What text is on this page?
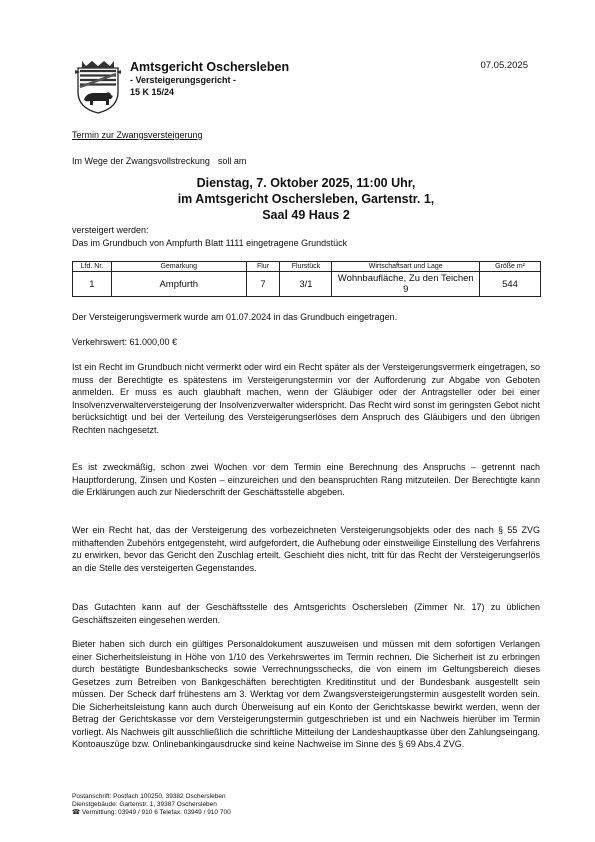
Amtsgericht Oschersleben
- Versteigerungsgericht -
15 K 15/24
07.05.2025
Termin zur Zwangsversteigerung
Im Wege der Zwangsvollstreckung soll am
Dienstag, 7. Oktober 2025, 11:00 Uhr,
im Amtsgericht Oschersleben, Gartenstr. 1,
Saal 49 Haus 2
versteigert werden:
Das im Grundbuch von Ampfurth Blatt 1111 eingetragene Grundstück
Lfd. Nr.	Gemarkung	Flur	Flurstück	Wirtschaftsart und Lage	Größe m²
1	Ampfurth	7	3/1	Wohnbaufläche, Zu den Teichen 9	544
Der Versteigerungsvermerk wurde am 01.07.2024 in das Grundbuch eingetragen.
Verkehrswert: 61.000,00 €
Ist ein Recht im Grundbuch nicht vermerkt oder wird ein Recht später als der Versteigerungsvermerk eingetragen, so muss der Berechtigte es spätestens im Versteigerungstermin vor der Aufforderung zur Abgabe von Geboten anmelden. Er muss es auch glaubhaft machen, wenn der Gläubiger oder der Antragsteller oder bei einer Insolvenzverwalterversteigerung der Insolvenzverwalter widerspricht. Das Recht wird sonst im geringsten Gebot nicht berücksichtigt und bei der Verteilung des Versteigerungserlöses dem Anspruch des Gläubigers und den übrigen Rechten nachgesetzt.
Es ist zweckmäßig, schon zwei Wochen vor dem Termin eine Berechnung des Anspruchs – getrennt nach Hauptforderung, Zinsen und Kosten – einzureichen und den beanspruchten Rang mitzuteilen. Der Berechtigte kann die Erklärungen auch zur Niederschrift der Geschäftsstelle abgeben.
Wer ein Recht hat, das der Versteigerung des vorbezeichneten Versteigerungsobjekts oder des nach § 55 ZVG mithaftenden Zubehörs entgegensteht, wird aufgefordert, die Aufhebung oder einstweilige Einstellung des Verfahrens zu erwirken, bevor das Gericht den Zuschlag erteilt. Geschieht dies nicht, tritt für das Recht der Versteigerungserlös an die Stelle des versteigerten Gegenstandes.
Das Gutachten kann auf der Geschäftsstelle des Amtsgerichts Oschersleben (Zimmer Nr. 17) zu üblichen Geschäftszeiten eingesehen werden.
Bieter haben sich durch ein gültiges Personaldokument auszuweisen und müssen mit dem sofortigen Verlangen einer Sicherheitsleistung in Höhe von 1/10 des Verkehrswertes im Termin rechnen. Die Sicherheit ist zu erbringen durch bestätigte Bundesbankschecks sowie Verrechnungsschecks, die von einem im Geltungsbereich dieses Gesetzes zum Betreiben von Bankgeschäften berechtigten Kreditinstitut und der Bundesbank ausgestellt sein müssen. Der Scheck darf frühestens am 3. Werktag vor dem Zwangsversteigerungstermin ausgestellt worden sein. Die Sicherheitsleistung kann auch durch Überweisung auf ein Konto der Gerichtskasse bewirkt werden, wenn der Betrag der Gerichtskasse vor dem Versteigerungstermin gutgeschrieben ist und ein Nachweis hierüber im Termin vorliegt. Als Nachweis gilt ausschließlich die schriftliche Mitteilung der Landeshauptkasse über den Zahlungseingang. Kontoauszüge bzw. Onlinebankingausdrucke sind keine Nachweise im Sinne des § 69 Abs.4 ZVG.
Postanschrift: Postfach 100250, 39382 Oschersleben
Dienstgebäude: Gartenstr. 1, 39387 Oschersleben
☎ Vermittlung: 03949 / 910 6 Telefax: 03949 / 910 700
